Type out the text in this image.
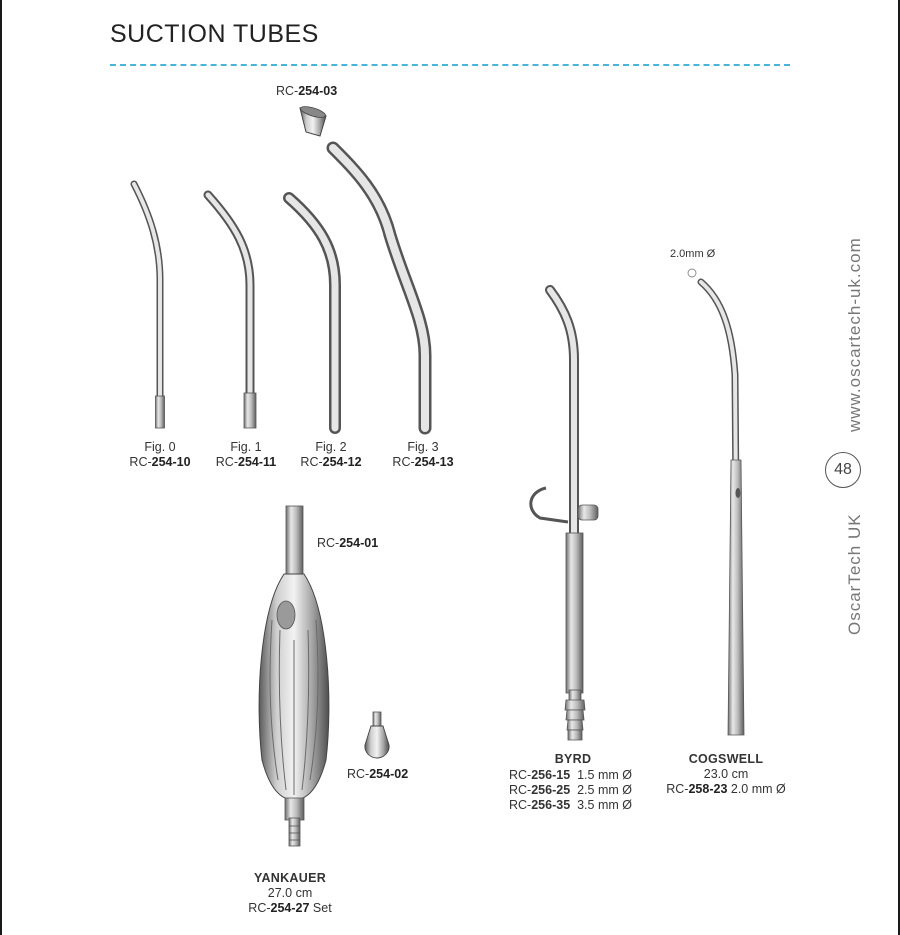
SUCTION TUBES
RC-254-03
Fig. 0
RC-254-10
Fig. 1
RC-254-11
Fig. 2
RC-254-12
Fig. 3
RC-254-13
RC-254-01
RC-254-02
YANKAUER
27.0 cm
RC-254-27 Set
BYRD
RC-256-15 1.5 mm Ø
RC-256-25 2.5 mm Ø
RC-256-35 3.5 mm Ø
2.0mm Ø
COGSWELL
23.0 cm
RC-258-23 2.0 mm Ø
www.oscartech-uk.com
48
OscarTech UK
